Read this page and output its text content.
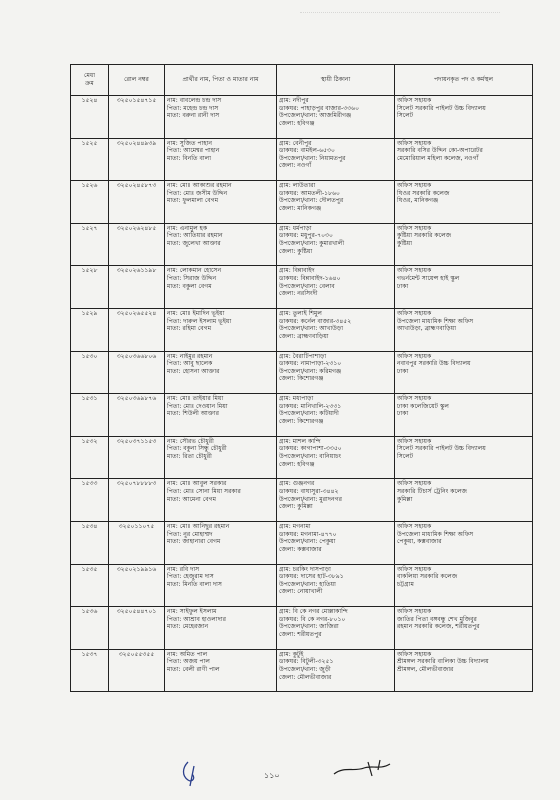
মেধা
ক্রম	রোল নম্বর	প্রার্থীর নাম, পিতা ও মাতার নাম	স্থায়ী ঠিকানা	পদায়নকৃত পদ ও কর্মস্থল

১৫২৪	৩২৫০১৫৪৭১৫	নাম: বাবলেন্দ্র চন্দ্র দাস
পিতা: মহেন্দ্র চন্দ্র দাস
মাতা: বরুনা রানী দাস	গ্রাম: নদীপুর
ডাকঘর: পাহাড়পুর বাজার-৩৩৬০
উপজেলা/থানা: আজমিরীগঞ্জ
জেলা: হবিগঞ্জ	অফিস সহায়ক
সিলেট সরকারি পাইলট উচ্চ বিদ্যালয়
সিলেট

১৫২৫	৩২৫০২৪৪৯৩৯	নাম: সুজিত পাহান
পিতা: আমেশ্বর পাহান
মাতা: বিনতি বালা	গ্রাম: বেনীপুর
ডাকঘর: বামইল-৬৫৩০
উপজেলা/থানা: নিয়ামতপুর
জেলা: নওগাঁ	অফিস সহায়ক
সরকারি বসির উদ্দিন কো-অপারেটর
মেমোরিয়াল মহিলা কলেজ, নওগাঁ

১৫২৬	৩২৫০২৪৫৮৭৩	নাম: মোঃ আকাশুর রহমান
পিতা: মোঃ জসীম উদ্দিন
মাতা: ফুলমালা বেগম	গ্রাম: লাউতারা
ডাকঘর: আমতলী-১৮৬০
উপজেলা/থানা: দৌলতপুর
জেলা: মানিকগঞ্জ	অফিস সহায়ক
ঘিওর সরকারি কলেজ
ঘিওর, মানিকগঞ্জ

১৫২৭	৩২৫০২৬২৪৮৫	নাম: এনামুল হক
পিতা: আতিয়ার রহমান
মাতা: জুলেখা আক্তার	গ্রাম: ধর্মপাড়া
ডাকঘর: মধুপুর-৭০৩০
উপজেলা/থানা: কুমারখালী
জেলা: কুষ্টিয়া	অফিস সহায়ক
কুষ্টিয়া সরকারি কলেজ
কুষ্টিয়া

১৫২৮	৩২৫০২৬১১৯৮	নাম: লোকমান হোসেন
পিতা: সিরাজ উদ্দিন
মাতা: বকুলা বেগম	গ্রাম: বিন্নাবাইদ
ডাকঘর: বিন্নাবাইদ-১৬৪০
উপজেলা/থানা: বেলাব
জেলা: নরসিংদী	অফিস সহায়ক
গভর্নমেন্ট সায়েন্স হাই স্কুল
ঢাকা

১৫২৯	৩২৫০২৬৫৫২৪	নাম: মোঃ ইমাদিন ভূইয়া
পিতা: দারুল ইসলাম ভূইয়া
মাতা: রহিমা বেগম	গ্রাম: তুলাই শিমুল
ডাকঘর: কর্নেল বাজার-৩৪৫২
উপজেলা/থানা: আখাউড়া
জেলা: ব্রাহ্মণবাড়িয়া	অফিস সহায়ক
উপজেলা মাধ্যমিক শিক্ষা অফিস
আখাউড়া, ব্রাহ্মণবাড়িয়া

১৫৩০	৩২৫০৩৬৬৮০৬	নাম: নাইমুর রহমান
পিতা: আবু ছালেক
মাতা: হোসনা আক্তার	গ্রাম: বৈরাটিপাশাড়া
ডাকঘর: নামাপাড়া-২৩১০
উপজেলা/থানা: করিমগঞ্জ
জেলা: কিশোরগঞ্জ	অফিস সহায়ক
নবাবপুর সরকারি উচ্চ বিদ্যালয়
ঢাকা

১৫৩১	৩২৫০৩৬৯৮৭৬	নাম: মোঃ তাইয়ার মিয়া
পিতা: মোঃ দেওয়ান মিয়া
মাতা: শিউলী আক্তার	গ্রাম: মধ্যপাড়া
ডাকঘর: মানিখালি-২৩৩১
উপজেলা/থানা: কটিয়াদী
জেলা: কিশোরগঞ্জ	অফিস সহায়ক
ঢাকা কলেজিয়েট স্কুল
ঢাকা

১৫৩২	৩২৫০৩৭১১৫৩	নাম: সৌরভ চৌধুরী
পিতা: বকুনা সিন্ধু চৌধুরী
মাতা: রিতা চৌধুরী	গ্রাম: মাশল কান্দি
ডাকঘর: কাগাপাশা-৩৩৫০
উপজেলা/থানা: বানিয়াচং
জেলা: হবিগঞ্জ	অফিস সহায়ক
সিলেট সরকারি পাইলট উচ্চ বিদ্যালয়
সিলেট

১৫৩৩	৩২৫০৭৮৮৮৮৩	নাম: মোঃ আবুল সরকার
পিতা: মোঃ সোনা মিয়া সরকার
মাতা: আমেনা বেগম	গ্রাম: গুঞ্জনগর
ডাকঘর: বাঘাসুরা-৩৪৪২
উপজেলা/থানা: মুরাদনগর
জেলা: কুমিল্লা	অফিস সহায়ক
সরকারি টিচার্স ট্রেনিং কলেজ
কুমিল্লা

১৫৩৪	৩২৫০১১০৭৫	নাম: মোঃ আনিছুর রহমান
পিতা: নুর মোহাম্মদ
মাতা: জাহানারা বেগম	গ্রাম: মগনামা
ডাকঘর: মগনামা-৪৭৭০
উপজেলা/থানা: পেকুয়া
জেলা: কক্সবাজার	অফিস সহায়ক
উপজেলা মাধ্যমিক শিক্ষা অফিস
পেকুয়া, কক্সবাজার

১৫৩৫	৩২৫০২১৯৯১৬	নাম: রবি দাস
পিতা: হেজুরাম দাস
মাতা: মিনতি বালা দাস	গ্রাম: চরকিং দাসপাড়া
ডাকঘর: দাসের হাট-৩৮৯১
উপজেলা/থানা: হাতিয়া
জেলা: নোয়াখালী	অফিস সহায়ক
বাকলিয়া সরকারি কলেজ
চট্টগ্রাম

১৫৩৬	৩২৫০৫৪৪৭০১	নাম: সাইফুল ইসলাম
পিতা: আশ্রাব হাওলাদার
মাতা: মেহেরজান	গ্রাম: বি কে নগর মোল্লাকান্দি
ডাকঘর: বি কে নগর-৮০১০
উপজেলা/থানা: জাজিরা
জেলা: শরীয়তপুর	অফিস সহায়ক
জাতির পিতা বঙ্গবন্ধু শেখ মুজিবুর
রহমান সরকারি কলেজ, শরীয়তপুর

১৫৩৭	৩২৫০৫৫৩৫৫	নাম: অমিত পাল
পিতা: অজয় পাল
মাতা: বেলী রাণী পাল	গ্রাম: কুটুই
ডাকঘর: বিটুলী-৩২৫১
উপজেলা/থানা: জুড়ী
জেলা: মৌলভীবাজার	অফিস সহায়ক
শ্রীমঙ্গল সরকারি বালিকা উচ্চ বিদ্যালয়
শ্রীমঙ্গল, মৌলভীবাজার
১১০
